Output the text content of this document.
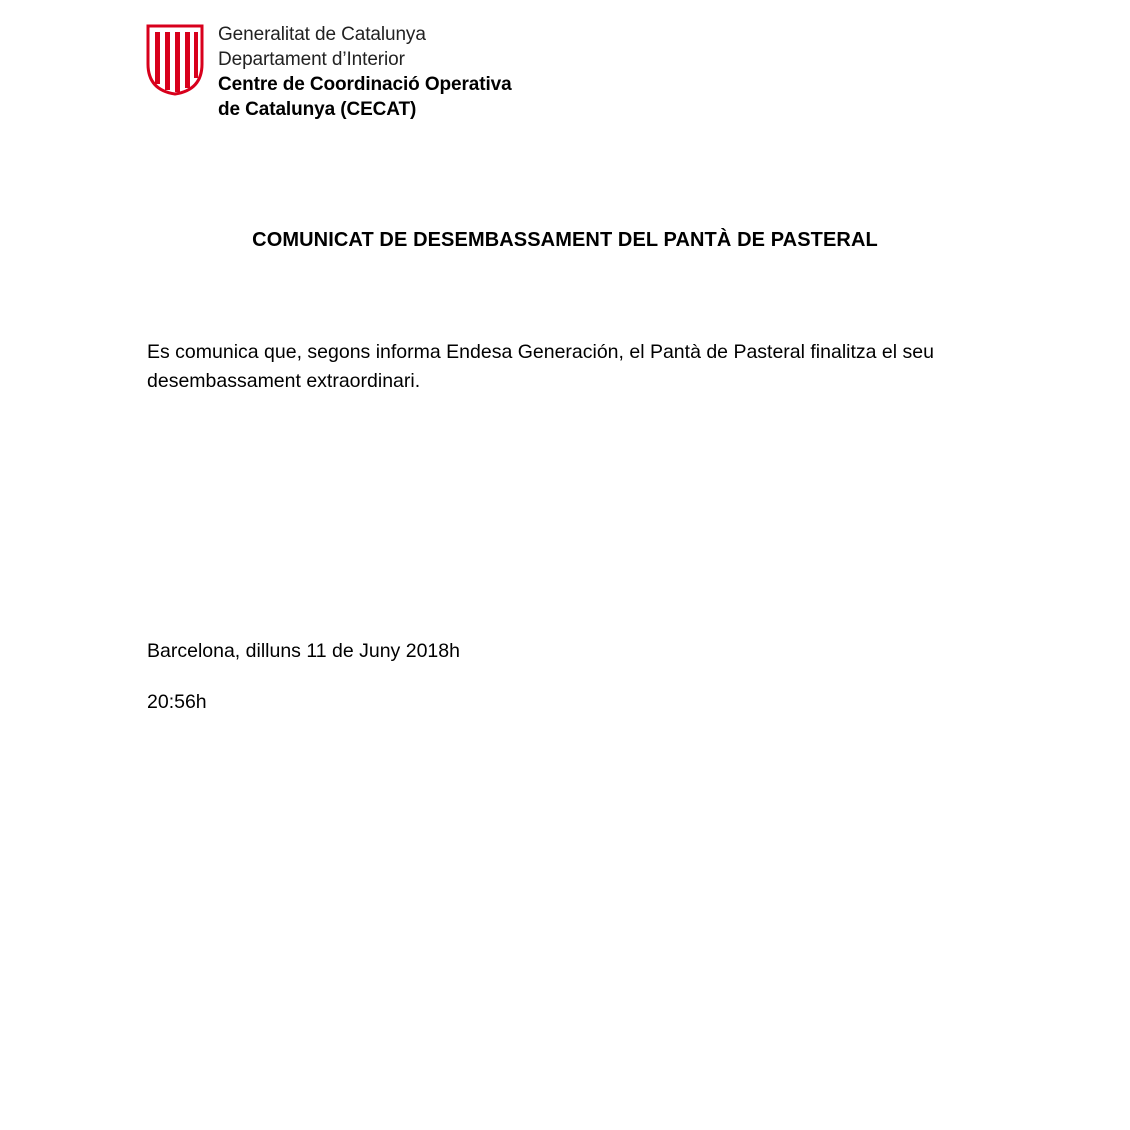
Generalitat de Catalunya
Departament d’Interior
Centre de Coordinació Operativa
de Catalunya (CECAT)
COMUNICAT DE DESEMBASSAMENT DEL PANTÀ DE PASTERAL
Es comunica que, segons informa Endesa Generación, el Pantà de Pasteral finalitza el seu desembassament extraordinari.
Barcelona, dilluns 11 de Juny 2018h
20:56h
